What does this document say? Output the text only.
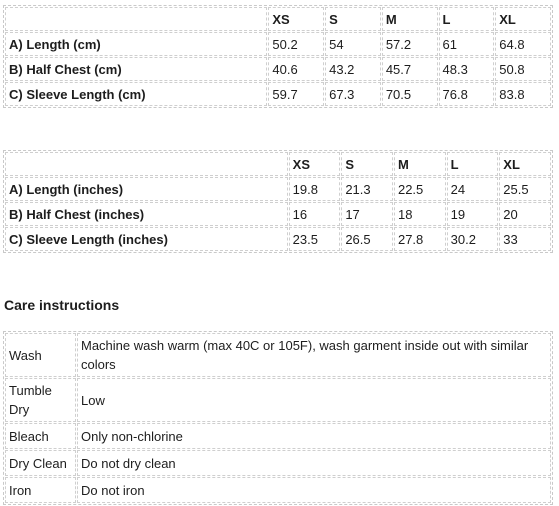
	XS	S	M	L	XL
A) Length (cm)	50.2	54	57.2	61	64.8
B) Half Chest (cm)	40.6	43.2	45.7	48.3	50.8
C) Sleeve Length (cm)	59.7	67.3	70.5	76.8	83.8
	XS	S	M	L	XL
A) Length (inches)	19.8	21.3	22.5	24	25.5
B) Half Chest (inches)	16	17	18	19	20
C) Sleeve Length (inches)	23.5	26.5	27.8	30.2	33
Care instructions
Wash	Machine wash warm (max 40C or 105F), wash garment inside out with similar colors
Tumble Dry	Low
Bleach	Only non-chlorine
Dry Clean	Do not dry clean
Iron	Do not iron
